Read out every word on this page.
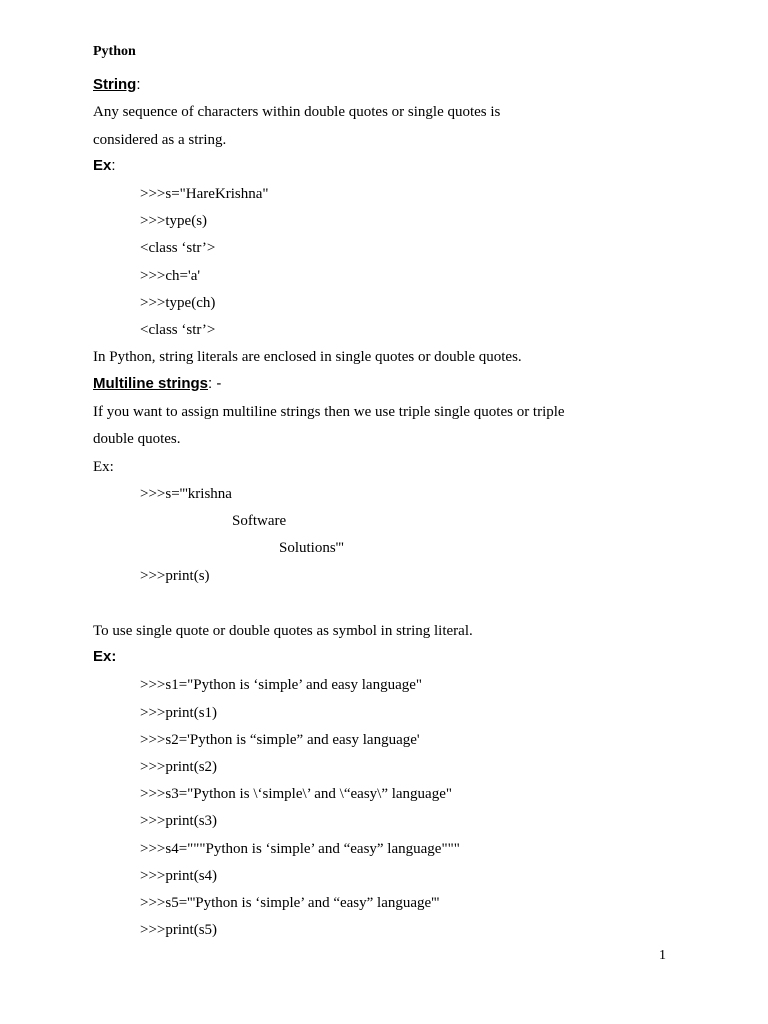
Python
String:
Any sequence of characters within double quotes or single quotes is
considered as a string.
Ex:
>>>s="HareKrishna"
>>>type(s)
<class ‘str’>
>>>ch='a'
>>>type(ch)
<class ‘str’>
In Python, string literals are enclosed in single quotes or double quotes.
Multiline strings: -
If you want to assign multiline strings then we use triple single quotes or triple
double quotes.
Ex:
>>>s='''krishna
Software
Solutions'''
>>>print(s)
To use single quote or double quotes as symbol in string literal.
Ex:
>>>s1="Python is ‘simple’ and easy language"
>>>print(s1)
>>>s2='Python is “simple” and easy language'
>>>print(s2)
>>>s3="Python is \‘simple\’ and \“easy\” language"
>>>print(s3)
>>>s4="""Python is ‘simple’ and “easy” language"""
>>>print(s4)
>>>s5='''Python is ‘simple’ and “easy” language'''
>>>print(s5)
1
